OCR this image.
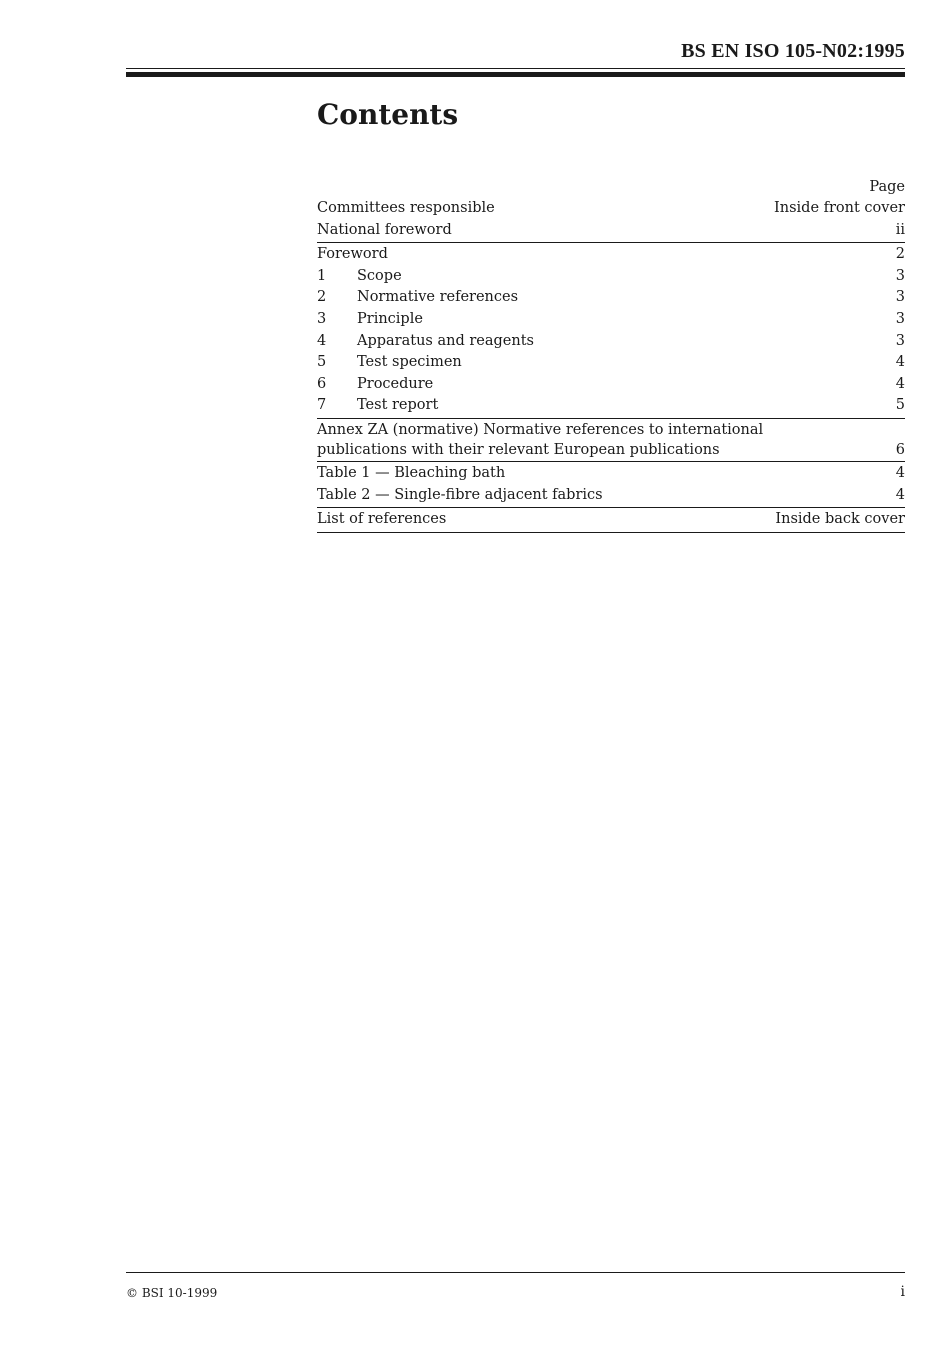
BS EN ISO 105-N02:1995
Contents
Page
Committees responsible	Inside front cover
National foreword	ii
Foreword	2
1	Scope	3
2	Normative references	3
3	Principle	3
4	Apparatus and reagents	3
5	Test specimen	4
6	Procedure	4
7	Test report	5
Annex ZA (normative) Normative references to international publications with their relevant European publications	6
Table 1 — Bleaching bath	4
Table 2 — Single-fibre adjacent fabrics	4
List of references	Inside back cover
© BSI 10-1999	i
